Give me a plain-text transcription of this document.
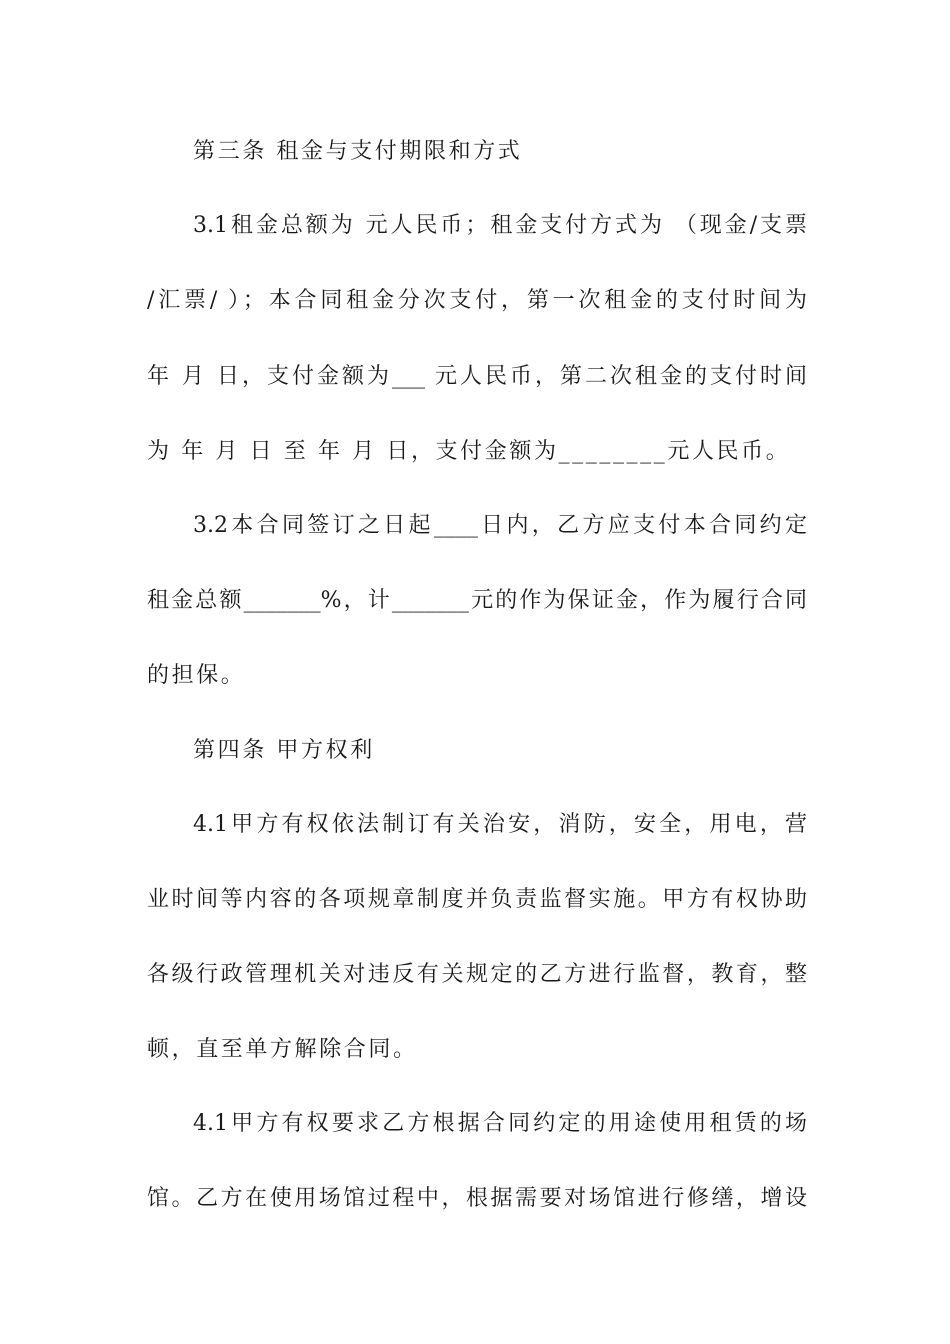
第三条 租金与支付期限和方式
3.1租金总额为 元人民币；租金支付方式为 （现金/支票
/汇票/ ）；本合同租金分次支付，第一次租金的支付时间为
年 月 日，支付金额为___ 元人民币，第二次租金的支付时间
为 年 月 日 至 年 月 日，支付金额为________元人民币。
3.2本合同签订之日起____日内，乙方应支付本合同约定
租金总额_______%，计_______元的作为保证金，作为履行合同
的担保。
第四条 甲方权利
4.1甲方有权依法制订有关治安，消防，安全，用电，营
业时间等内容的各项规章制度并负责监督实施。甲方有权协助
各级行政管理机关对违反有关规定的乙方进行监督，教育，整
顿，直至单方解除合同。
4.1甲方有权要求乙方根据合同约定的用途使用租赁的场
馆。乙方在使用场馆过程中，根据需要对场馆进行修缮，增设
